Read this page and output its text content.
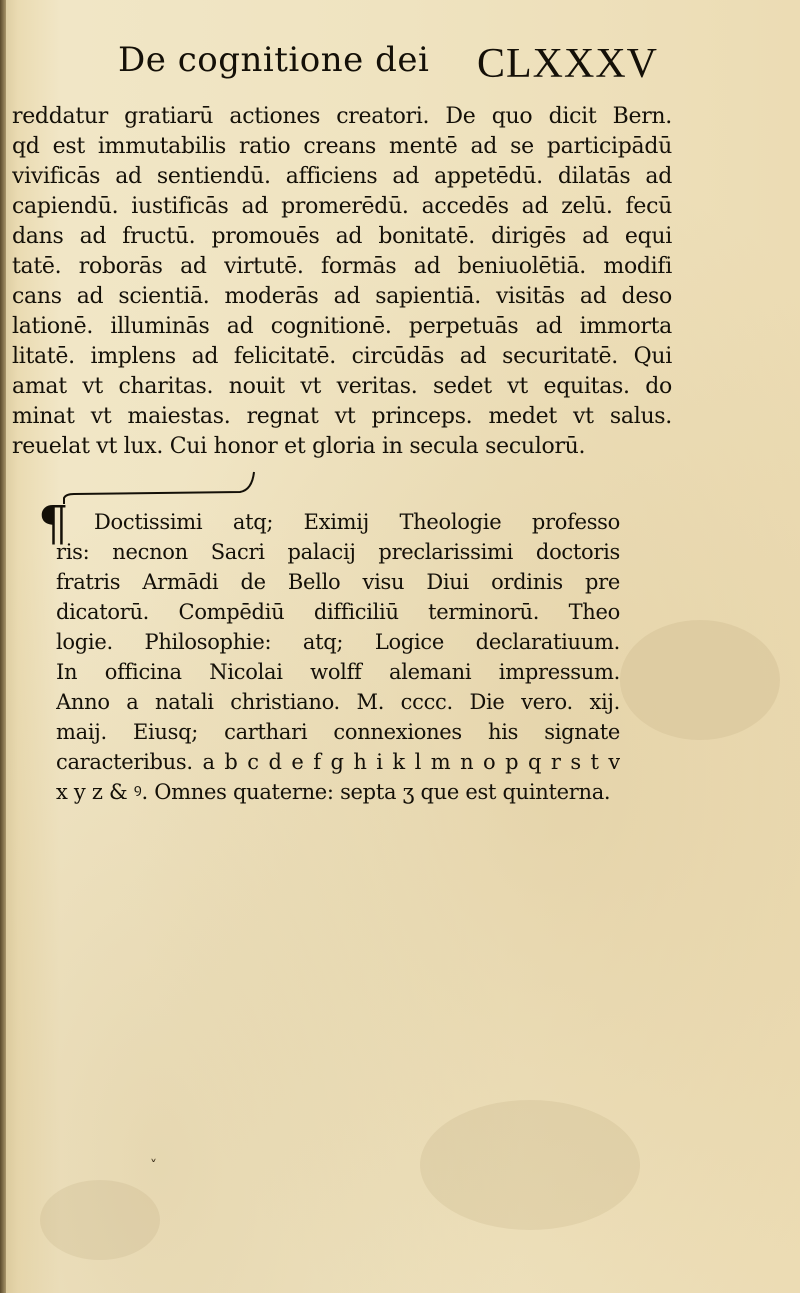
De cognitione dei CLXXXV
reddatur gratiarū actiones creatori. De quo dicit Bern.
qd est immutabilis ratio creans mentē ad se participādū
vivificās ad sentiendū. afficiens ad appetēdū. dilatās ad
capiendū. iustificās ad promerēdū. accedēs ad zelū. fecū
dans ad fructū. promouēs ad bonitatē. dirigēs ad equi
tatē. roborās ad virtutē. formās ad beniuolētiā. modifi
cans ad scientiā. moderās ad sapientiā. visitās ad deso
lationē. illuminās ad cognitionē. perpetuās ad immorta
litatē. implens ad felicitatē. circūdās ad securitatē. Qui
amat vt charitas. nouit vt veritas. sedet vt equitas. do
minat vt maiestas. regnat vt princeps. medet vt salus.
reuelat vt lux. Cui honor et gloria in secula seculorū.
¶	Doctissimi atq; Eximij Theologie professo
ris: necnon Sacri palacij preclarissimi doctoris
fratris Armādi de Bello visu Diui ordinis pre
dicatorū. Compēdiū difficiliū terminorū. Theo
logie. Philosophie: atq; Logice declaratiuum.
In officina Nicolai wolff alemani impressum.
Anno a natali christiano. M. cccc. Die vero. xij.
maij. Eiusq; carthari connexiones his signate
caracteribus. a b c d e f g h i k l m n o p q r s t v
x y z & ꝰ. Omnes quaterne: septa ʒ que est quinterna.
˅
